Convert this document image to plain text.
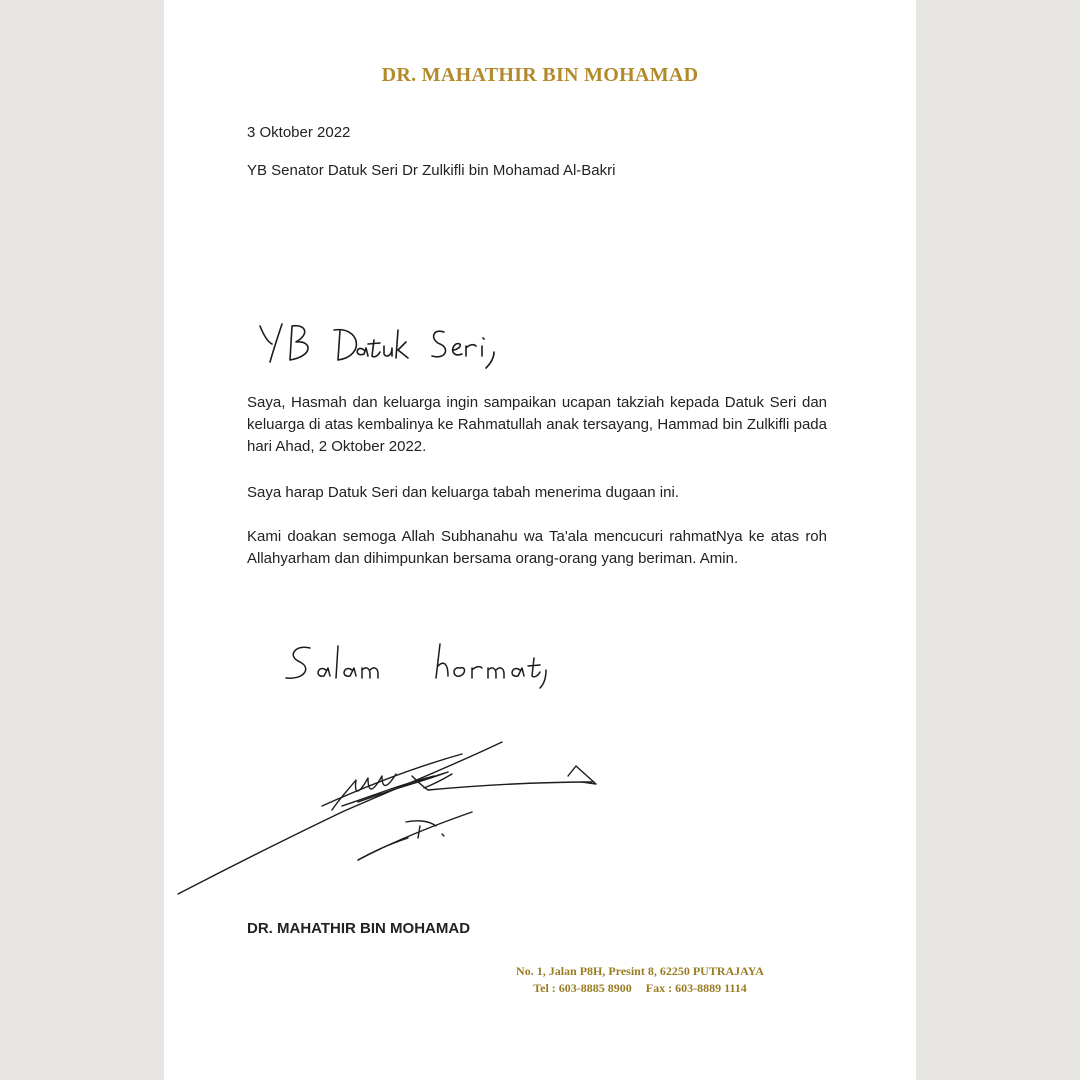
DR. MAHATHIR BIN MOHAMAD
3 Oktober 2022
YB Senator Datuk Seri Dr Zulkifli bin Mohamad Al-Bakri

Saya, Hasmah dan keluarga ingin sampaikan ucapan takziah kepada Datuk Seri dan keluarga di atas kembalinya ke Rahmatullah anak tersayang, Hammad bin Zulkifli pada hari Ahad, 2 Oktober 2022.

Saya harap Datuk Seri dan keluarga tabah menerima dugaan ini.

Kami doakan semoga Allah Subhanahu wa Ta'ala mencucuri rahmatNya ke atas roh Allahyarham dan dihimpunkan bersama orang-orang yang beriman. Amin.

DR. MAHATHIR BIN MOHAMAD
No. 1, Jalan P8H, Presint 8, 62250 PUTRAJAYA
Tel : 603-8885 8900 Fax : 603-8889 1114
